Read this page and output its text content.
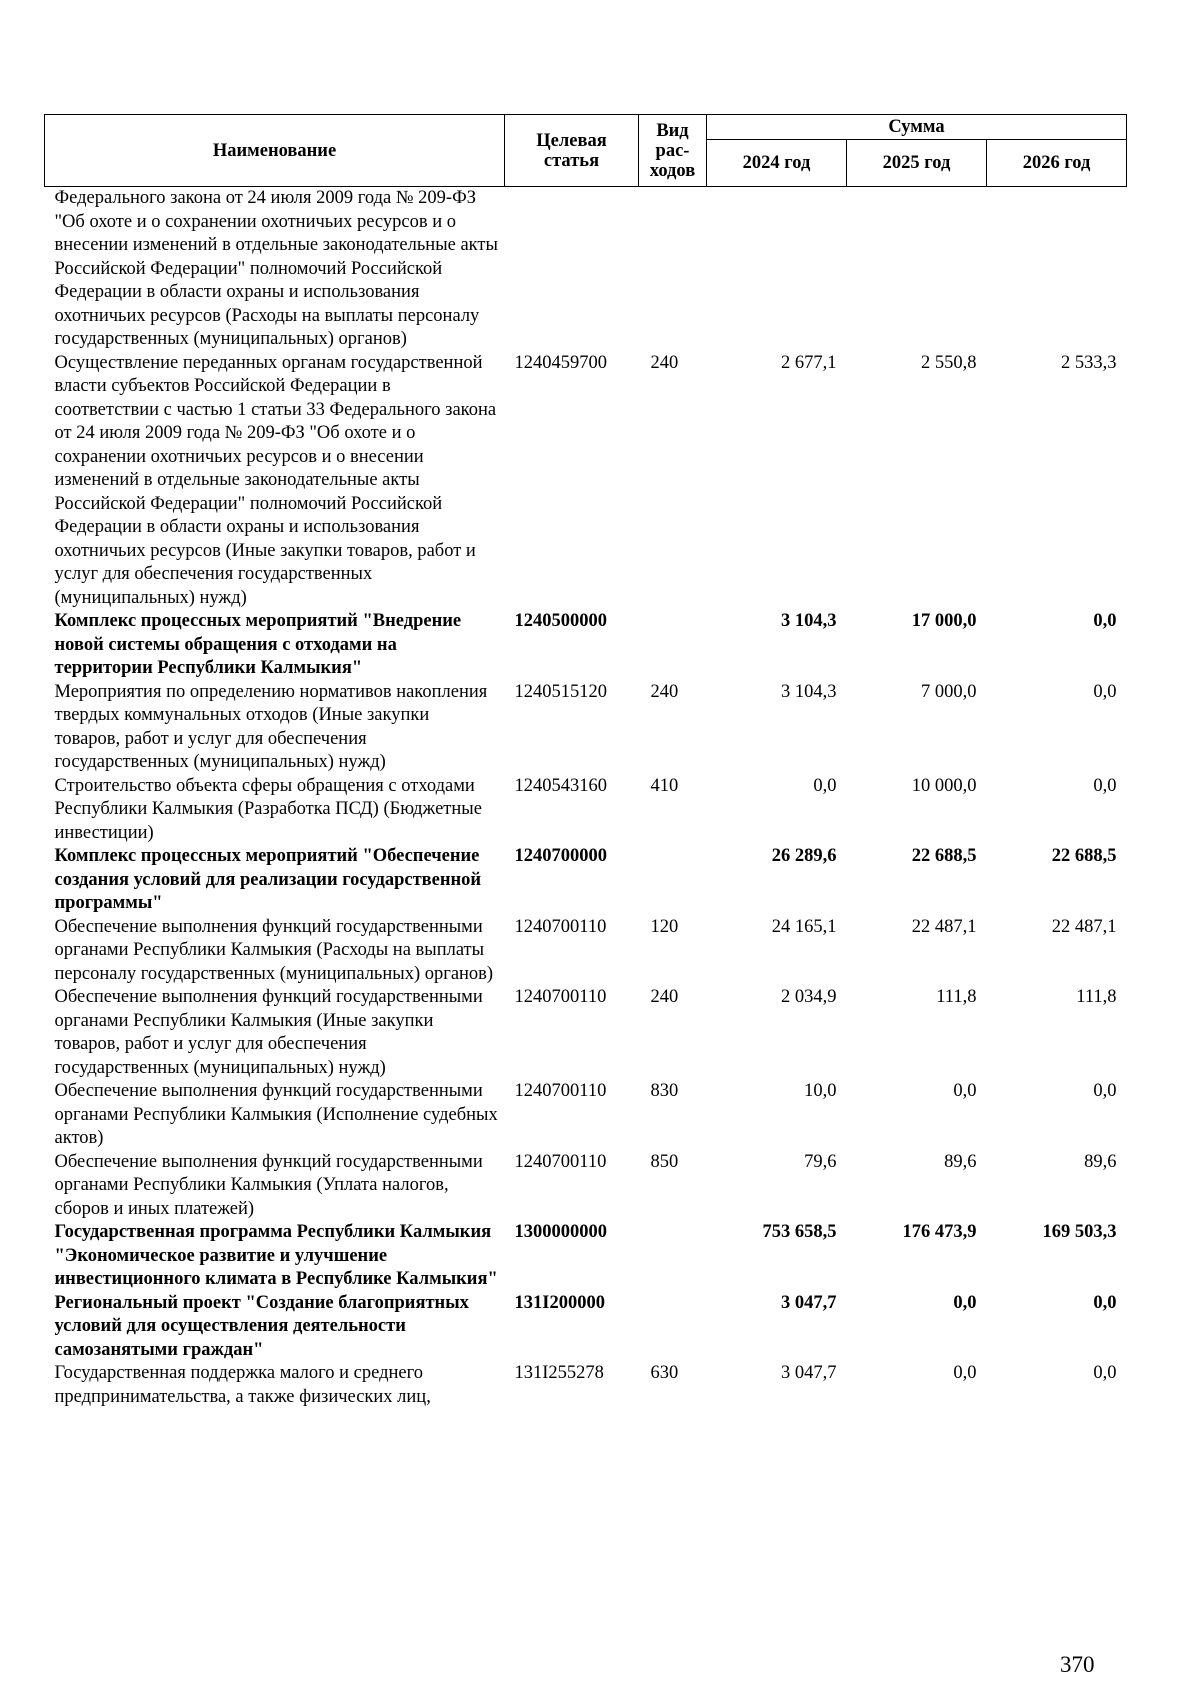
Наименование	Целевая статья	Вид рас-ходов	Сумма		
			2024 год	2025 год	2026 год
Федерального закона от 24 июля 2009 года № 209-ФЗ "Об охоте и о сохранении охотничьих ресурсов и о внесении изменений в отдельные законодательные акты Российской Федерации" полномочий Российской Федерации в области охраны и использования охотничьих ресурсов (Расходы на выплаты персоналу государственных (муниципальных) органов)					
Осуществление переданных органам государственной власти субъектов Российской Федерации в соответствии с частью 1 статьи 33 Федерального закона от 24 июля 2009 года № 209-ФЗ "Об охоте и о сохранении охотничьих ресурсов и о внесении изменений в отдельные законодательные акты Российской Федерации" полномочий Российской Федерации в области охраны и использования охотничьих ресурсов (Иные закупки товаров, работ и услуг для обеспечения государственных (муниципальных) нужд)	1240459700	240	2 677,1	2 550,8	2 533,3
Комплекс процессных мероприятий "Внедрение новой системы обращения с отходами на территории Республики Калмыкия"	1240500000		3 104,3	17 000,0	0,0
Мероприятия по определению нормативов накопления твердых коммунальных отходов (Иные закупки товаров, работ и услуг для обеспечения государственных (муниципальных) нужд)	1240515120	240	3 104,3	7 000,0	0,0
Строительство объекта сферы обращения с отходами Республики Калмыкия (Разработка ПСД) (Бюджетные инвестиции)	1240543160	410	0,0	10 000,0	0,0
Комплекс процессных мероприятий "Обеспечение создания условий для реализации государственной программы"	1240700000		26 289,6	22 688,5	22 688,5
Обеспечение выполнения функций государственными органами Республики Калмыкия (Расходы на выплаты персоналу государственных (муниципальных) органов)	1240700110	120	24 165,1	22 487,1	22 487,1
Обеспечение выполнения функций государственными органами Республики Калмыкия (Иные закупки товаров, работ и услуг для обеспечения государственных (муниципальных) нужд)	1240700110	240	2 034,9	111,8	111,8
Обеспечение выполнения функций государственными органами Республики Калмыкия (Исполнение судебных актов)	1240700110	830	10,0	0,0	0,0
Обеспечение выполнения функций государственными органами Республики Калмыкия (Уплата налогов, сборов и иных платежей)	1240700110	850	79,6	89,6	89,6
Государственная программа Республики Калмыкия "Экономическое развитие и улучшение инвестиционного климата в Республике Калмыкия"	1300000000		753 658,5	176 473,9	169 503,3
Региональный проект "Создание благоприятных условий для осуществления деятельности самозанятыми граждан"	131I200000		3 047,7	0,0	0,0
Государственная поддержка малого и среднего предпринимательства, а также физических лиц,	131I255278	630	3 047,7	0,0	0,0
370
